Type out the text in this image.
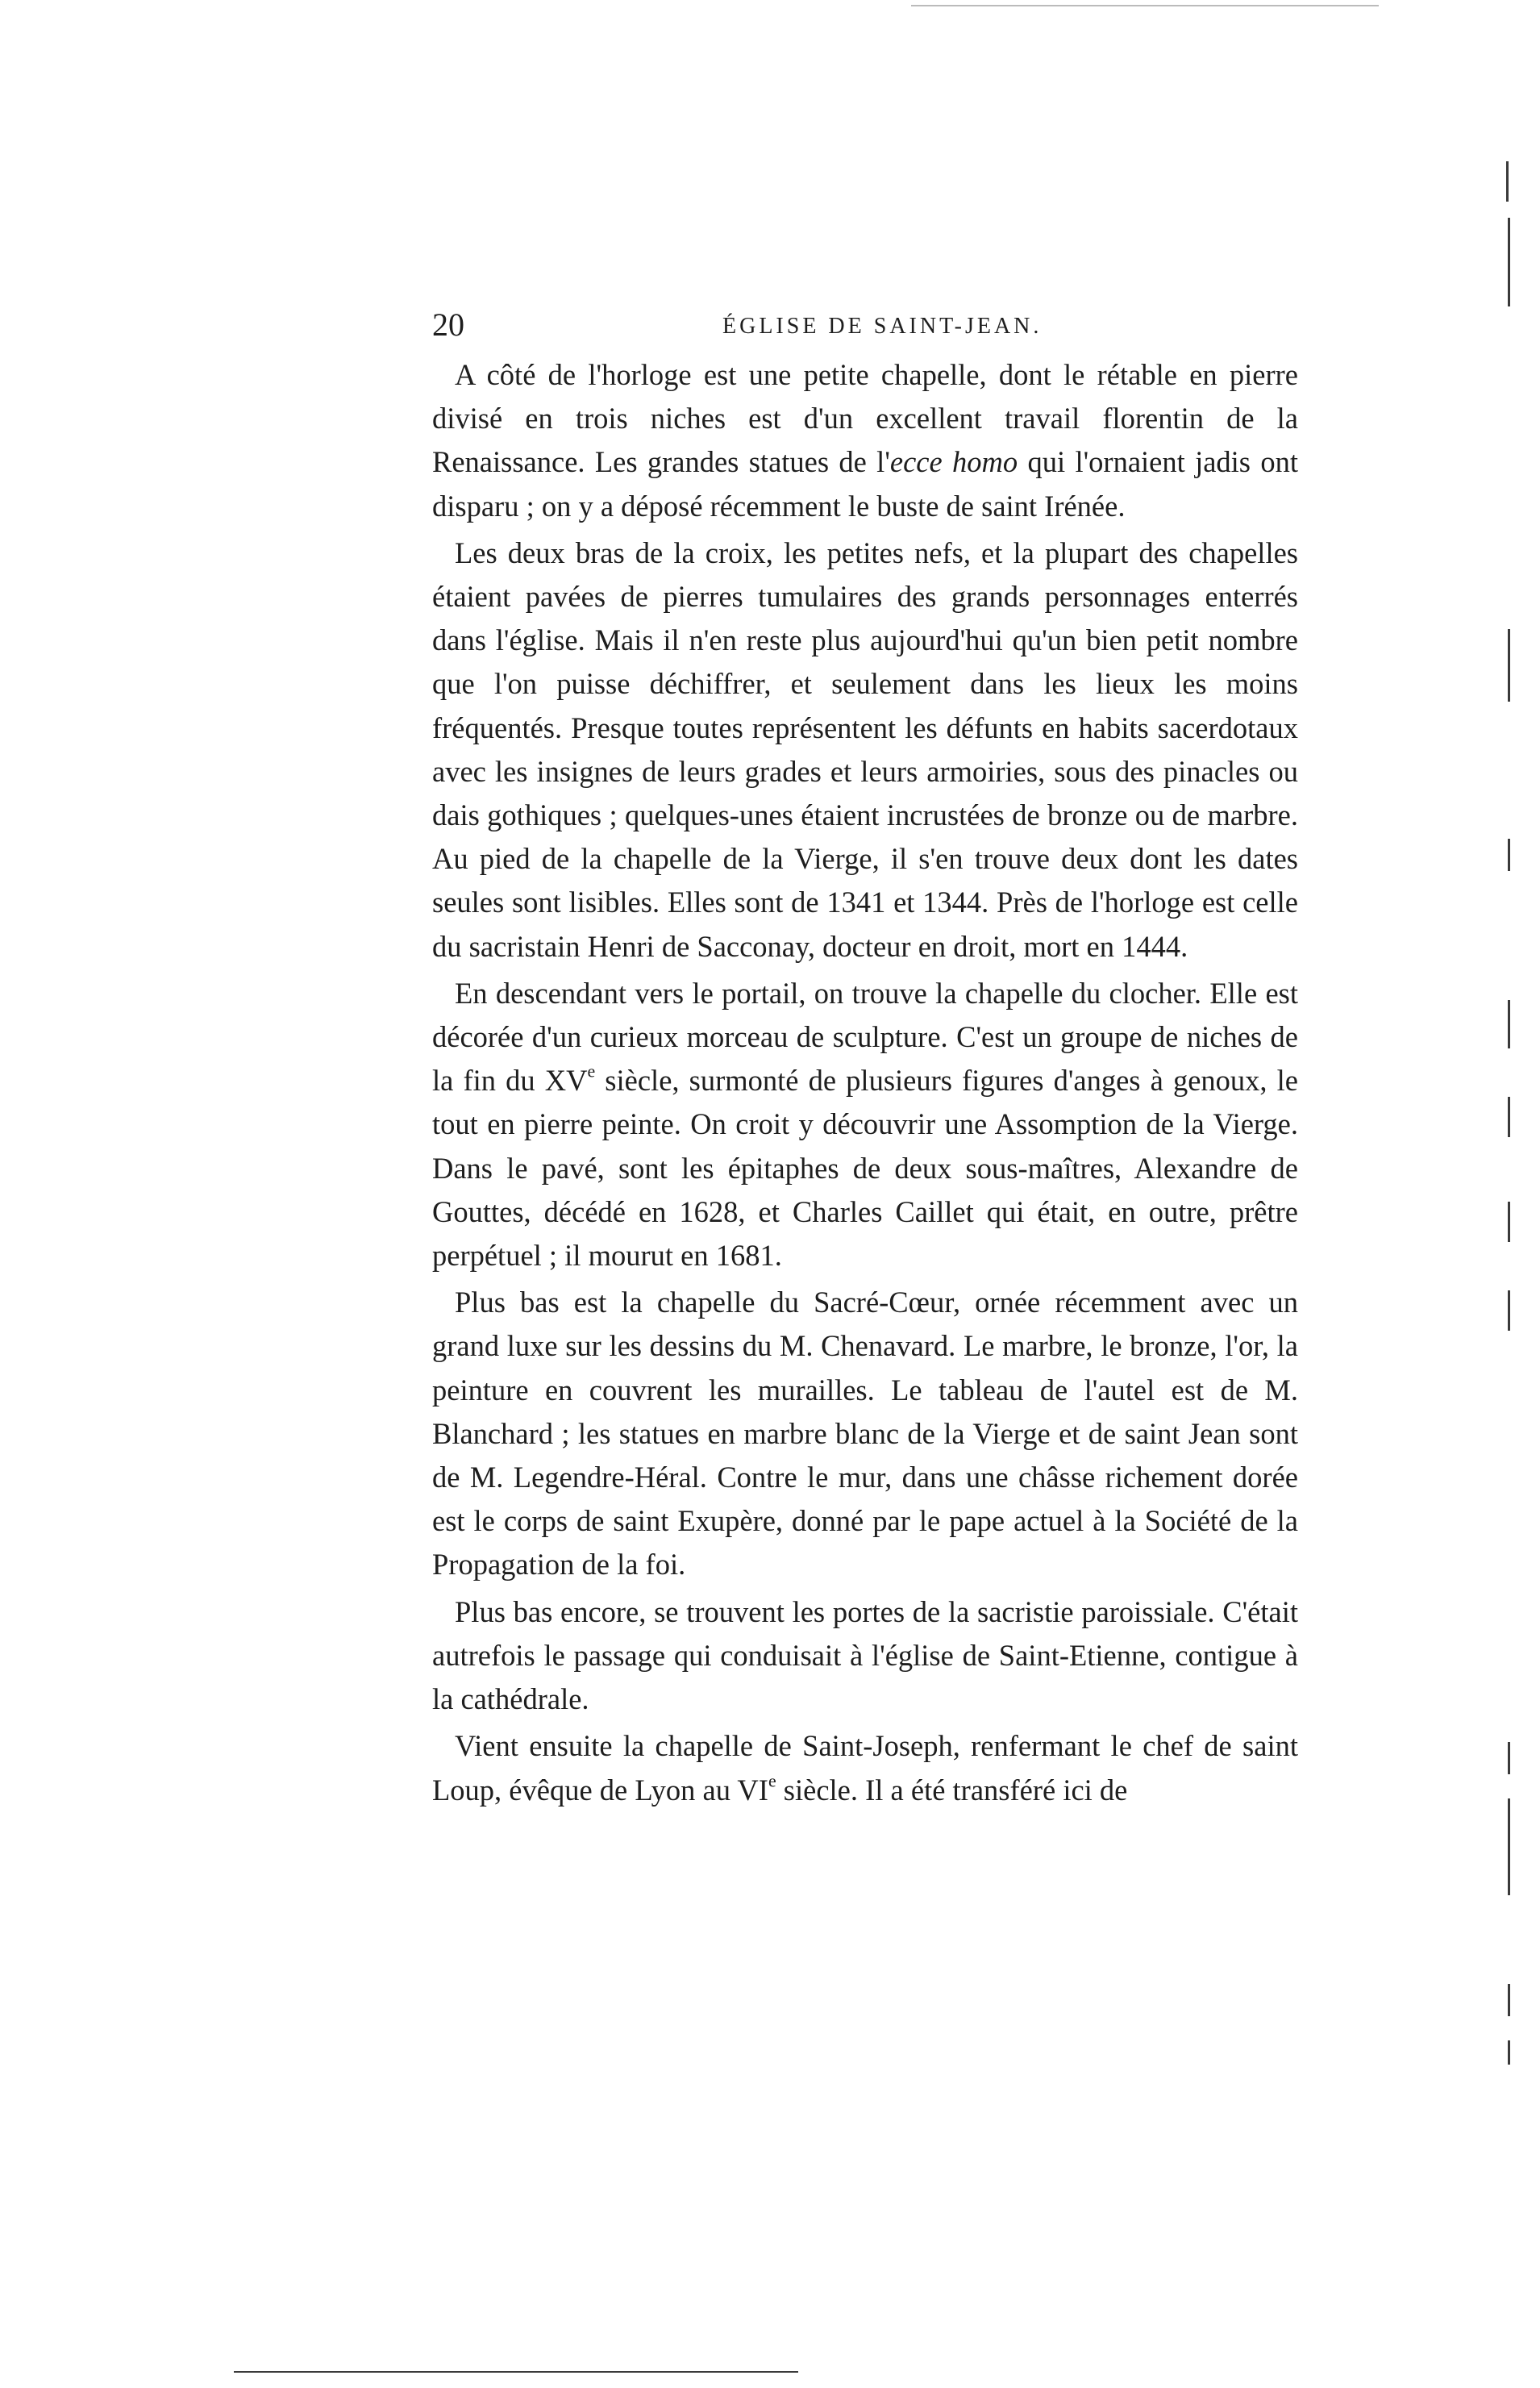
20	ÉGLISE DE SAINT-JEAN.

A côté de l'horloge est une petite chapelle, dont le rétable en pierre divisé en trois niches est d'un excellent travail florentin de la Renaissance. Les grandes statues de l'ecce homo qui l'ornaient jadis ont disparu ; on y a déposé récemment le buste de saint Irénée.

Les deux bras de la croix, les petites nefs, et la plupart des chapelles étaient pavées de pierres tumulaires des grands personnages enterrés dans l'église. Mais il n'en reste plus aujourd'hui qu'un bien petit nombre que l'on puisse déchiffrer, et seulement dans les lieux les moins fréquentés. Presque toutes représentent les défunts en habits sacerdotaux avec les insignes de leurs grades et leurs armoiries, sous des pinacles ou dais gothiques ; quelques-unes étaient incrustées de bronze ou de marbre. Au pied de la chapelle de la Vierge, il s'en trouve deux dont les dates seules sont lisibles. Elles sont de 1341 et 1344. Près de l'horloge est celle du sacristain Henri de Sacconay, docteur en droit, mort en 1444.

En descendant vers le portail, on trouve la chapelle du clocher. Elle est décorée d'un curieux morceau de sculpture. C'est un groupe de niches de la fin du XVe siècle, surmonté de plusieurs figures d'anges à genoux, le tout en pierre peinte. On croit y découvrir une Assomption de la Vierge. Dans le pavé, sont les épitaphes de deux sous-maîtres, Alexandre de Gouttes, décédé en 1628, et Charles Caillet qui était, en outre, prêtre perpétuel ; il mourut en 1681.

Plus bas est la chapelle du Sacré-Cœur, ornée récemment avec un grand luxe sur les dessins du M. Chenavard. Le marbre, le bronze, l'or, la peinture en couvrent les murailles. Le tableau de l'autel est de M. Blanchard ; les statues en marbre blanc de la Vierge et de saint Jean sont de M. Legendre-Héral. Contre le mur, dans une châsse richement dorée est le corps de saint Exupère, donné par le pape actuel à la Société de la Propagation de la foi.

Plus bas encore, se trouvent les portes de la sacristie paroissiale. C'était autrefois le passage qui conduisait à l'église de Saint-Etienne, contigue à la cathédrale.

Vient ensuite la chapelle de Saint-Joseph, renfermant le chef de saint Loup, évêque de Lyon au VIe siècle. Il a été transféré ici de
